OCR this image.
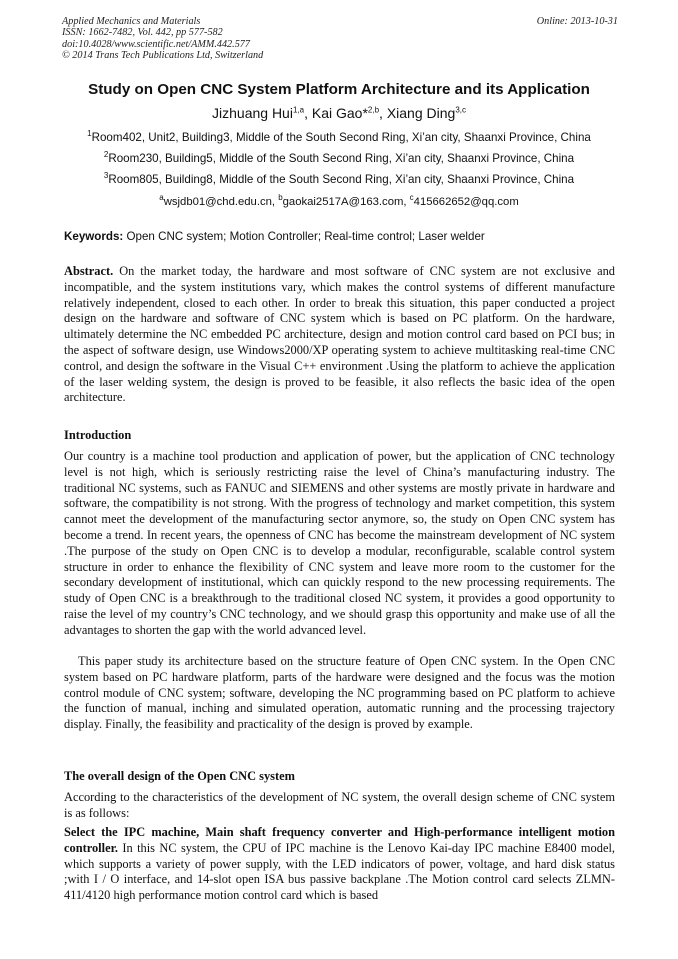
Applied Mechanics and Materials
ISSN: 1662-7482, Vol. 442, pp 577-582
doi:10.4028/www.scientific.net/AMM.442.577
© 2014 Trans Tech Publications Ltd, Switzerland
Online: 2013-10-31
Study on Open CNC System Platform Architecture and its Application
Jizhuang Hui$^{1,a}$, Kai Gao*$^{2,b}$, Xiang Ding$^{3,c}$
$^1$Room402, Unit2, Building3, Middle of the South Second Ring, Xi’an city, Shaanxi Province, China
$^2$Room230, Building5, Middle of the South Second Ring, Xi’an city, Shaanxi Province, China
$^3$Room805, Building8, Middle of the South Second Ring, Xi’an city, Shaanxi Province, China
$^a$wsjdb01@chd.edu.cn, $^b$gaokai2517A@163.com, $^c$415662652@qq.com
Keywords: Open CNC system; Motion Controller; Real-time control; Laser welder
Abstract. On the market today, the hardware and most software of CNC system are not exclusive and incompatible, and the system institutions vary, which makes the control systems of different manufacture relatively independent, closed to each other. In order to break this situation, this paper conducted a project design on the hardware and software of CNC system which is based on PC platform. On the hardware, ultimately determine the NC embedded PC architecture, design and motion control card based on PCI bus; in the aspect of software design, use Windows2000/XP operating system to achieve multitasking real-time CNC control, and design the software in the Visual C++ environment .Using the platform to achieve the application of the laser welding system, the design is proved to be feasible, it also reflects the basic idea of the open architecture.
Introduction
Our country is a machine tool production and application of power, but the application of CNC technology level is not high, which is seriously restricting raise the level of China’s manufacturing industry. The traditional NC systems, such as FANUC and SIEMENS and other systems are mostly private in hardware and software, the compatibility is not strong. With the progress of technology and market competition, this system cannot meet the development of the manufacturing sector anymore, so, the study on Open CNC system has become a trend. In recent years, the openness of CNC has become the mainstream development of NC system .The purpose of the study on Open CNC is to develop a modular, reconfigurable, scalable control system structure in order to enhance the flexibility of CNC system and leave more room to the customer for the secondary development of institutional, which can quickly respond to the new processing requirements. The study of Open CNC is a breakthrough to the traditional closed NC system, it provides a good opportunity to raise the level of my country’s CNC technology, and we should grasp this opportunity and make use of all the advantages to shorten the gap with the world advanced level.
This paper study its architecture based on the structure feature of Open CNC system. In the Open CNC system based on PC hardware platform, parts of the hardware were designed and the focus was the motion control module of CNC system; software, developing the NC programming based on PC platform to achieve the function of manual, inching and simulated operation, automatic running and the processing trajectory display. Finally, the feasibility and practicality of the design is proved by example.
The overall design of the Open CNC system
According to the characteristics of the development of NC system, the overall design scheme of CNC system is as follows:
Select the IPC machine, Main shaft frequency converter and High-performance intelligent motion controller. In this NC system, the CPU of IPC machine is the Lenovo Kai-day IPC machine E8400 model, which supports a variety of power supply, with the LED indicators of power, voltage, and hard disk status ;with I / O interface, and 14-slot open ISA bus passive backplane .The Motion control card selects ZLMN-411/4120 high performance motion control card which is based
